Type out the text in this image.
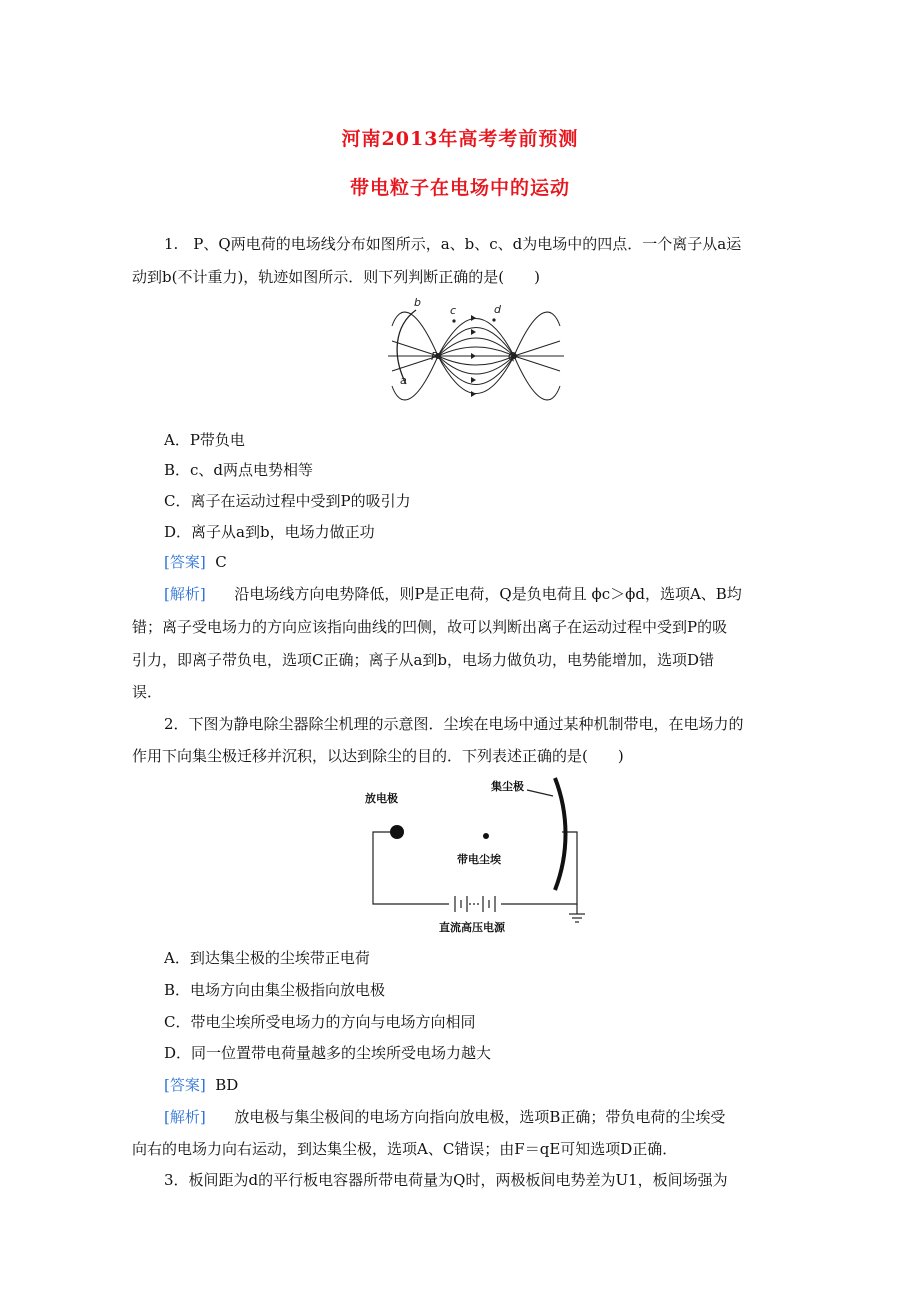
河南2013年高考考前预测
带电粒子在电场中的运动
1.　P、Q两电荷的电场线分布如图所示，a、b、c、d为电场中的四点．一个离子从a运
动到b(不计重力)，轨迹如图所示．则下列判断正确的是(　　)
b
c	d
P	Q
a
A．P带负电
B．c、d两点电势相等
C．离子在运动过程中受到P的吸引力
D．离子从a到b，电场力做正功
[答案] C
[解析] 沿电场线方向电势降低，则P是正电荷，Q是负电荷且 ϕc＞ϕd，选项A、B均
错；离子受电场力的方向应该指向曲线的凹侧，故可以判断出离子在运动过程中受到P的吸
引力，即离子带负电，选项C正确；离子从a到b，电场力做负功，电势能增加，选项D错
误．
2．下图为静电除尘器除尘机理的示意图．尘埃在电场中通过某种机制带电，在电场力的
作用下向集尘极迁移并沉积，以达到除尘的目的．下列表述正确的是(　　)
放电极
集尘极
带电尘埃
直流高压电源
A．到达集尘极的尘埃带正电荷
B．电场方向由集尘极指向放电极
C．带电尘埃所受电场力的方向与电场方向相同
D．同一位置带电荷量越多的尘埃所受电场力越大
[答案] BD
[解析] 放电极与集尘极间的电场方向指向放电极，选项B正确；带负电荷的尘埃受
向右的电场力向右运动，到达集尘极，选项A、C错误；由F＝qE可知选项D正确．
3．板间距为d的平行板电容器所带电荷量为Q时，两极板间电势差为U1，板间场强为
